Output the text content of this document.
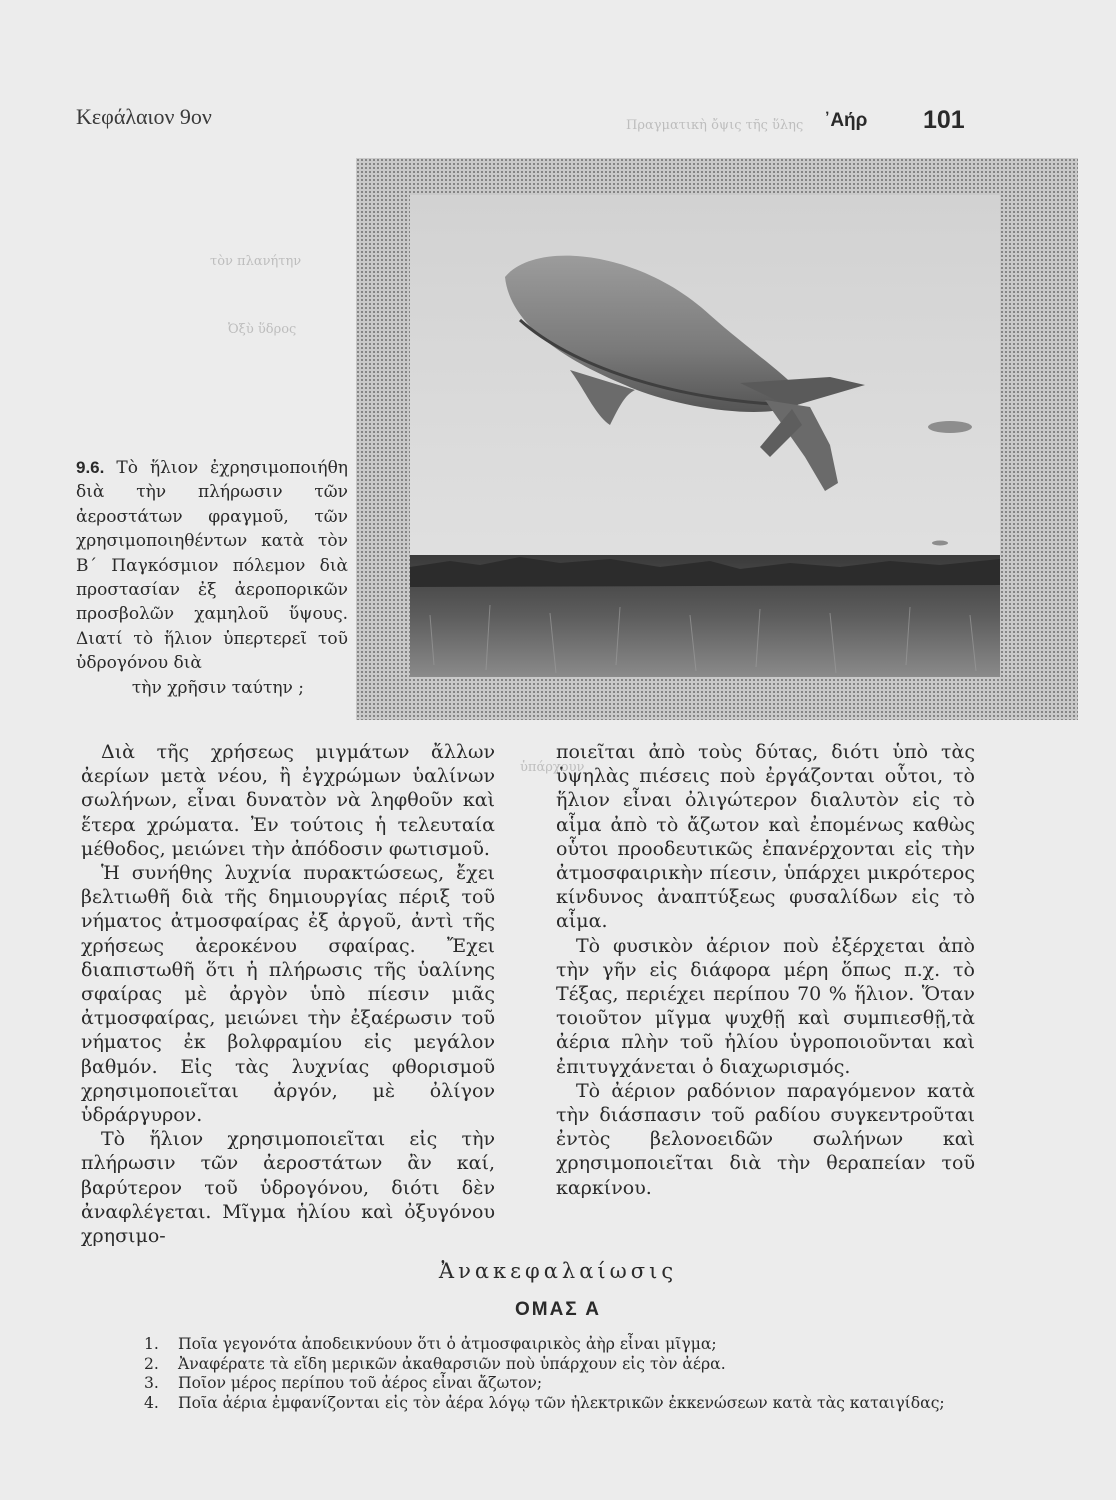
Κεφάλαιον 9ον	᾿Αήρ 101
Πραγματικὴ ὄψις τῆς ὕλης
τὸν πλανήτην
Ὀξὺ ὕδρος
ὑπάρχουν
9.6. Τὸ ἥλιον ἐχρησιμοποιήθη διὰ τὴν πλήρωσιν τῶν ἀεροστάτων φραγμοῦ, τῶν χρησιμοποιηθέντων κατὰ τὸν Β΄ Παγκόσμιον πόλεμον διὰ προστασίαν ἐξ ἀεροπορικῶν προσβολῶν χαμηλοῦ ὕψους. Διατί τὸ ἥλιον ὑπερτερεῖ τοῦ ὑδρογόνου διὰ
τὴν χρῆσιν ταύτην ;

Διὰ τῆς χρήσεως μιγμάτων ἄλλων ἀερίων μετὰ νέου, ἢ ἐγχρώμων ὑαλίνων σωλήνων, εἶναι δυνατὸν νὰ ληφθοῦν καὶ ἕτερα χρώματα. Ἐν τούτοις ἡ τελευταία μέθοδος, μειώνει τὴν ἀπόδοσιν φωτισμοῦ.

Ἡ συνήθης λυχνία πυρακτώσεως, ἔχει βελτιωθῆ διὰ τῆς δημιουργίας πέριξ τοῦ νήματος ἀτμοσφαίρας ἐξ ἀργοῦ, ἀντὶ τῆς χρήσεως ἀεροκένου σφαίρας. Ἔχει διαπιστωθῆ ὅτι ἡ πλήρωσις τῆς ὑαλίνης σφαίρας μὲ ἀργὸν ὑπὸ πίεσιν μιᾶς ἀτμοσφαίρας, μειώνει τὴν ἐξαέρωσιν τοῦ νήματος ἐκ βολφραμίου εἰς μεγάλον βαθμόν. Εἰς τὰς λυχνίας φθορισμοῦ χρησιμοποιεῖται ἀργόν, μὲ ὀλίγον ὑδράργυρον.

Τὸ ἥλιον χρησιμοποιεῖται εἰς τὴν πλήρωσιν τῶν ἀεροστάτων ἂν καί, βαρύτερον τοῦ ὑδρογόνου, διότι δὲν ἀναφλέγεται. Μῖγμα ἡλίου καὶ ὀξυγόνου χρησιμο-

ποιεῖται ἀπὸ τοὺς δύτας, διότι ὑπὸ τὰς ὑψηλὰς πιέσεις ποὺ ἐργάζονται οὗτοι, τὸ ἥλιον εἶναι ὀλιγώτερον διαλυτὸν εἰς τὸ αἷμα ἀπὸ τὸ ἄζωτον καὶ ἐπομένως καθὼς οὗτοι προοδευτικῶς ἐπανέρχονται εἰς τὴν ἀτμοσφαιρικὴν πίεσιν, ὑπάρχει μικρότερος κίνδυνος ἀναπτύξεως φυσαλίδων εἰς τὸ αἷμα.

Τὸ φυσικὸν ἀέριον ποὺ ἐξέρχεται ἀπὸ τὴν γῆν εἰς διάφορα μέρη ὅπως π.χ. τὸ Τέξας, περιέχει περίπου 70 % ἥλιον. Ὅταν τοιοῦτον μῖγμα ψυχθῇ καὶ συμπιεσθῇ,τὰ ἀέρια πλὴν τοῦ ἡλίου ὑγροποιοῦνται καὶ ἐπιτυγχάνεται ὁ διαχωρισμός.

Τὸ ἀέριον ραδόνιον παραγόμενον κατὰ τὴν διάσπασιν τοῦ ραδίου συγκεντροῦται ἐντὸς βελονοειδῶν σωλήνων καὶ χρησιμοποιεῖται διὰ τὴν θεραπείαν τοῦ καρκίνου.

Ἀνακεφαλαίωσις
ΟΜΑΣ Α
1.	Ποῖα γεγονότα ἀποδεικνύουν ὅτι ὁ ἀτμοσφαιρικὸς ἀὴρ εἶναι μῖγμα;
2.	Ἀναφέρατε τὰ εἴδη μερικῶν ἀκαθαρσιῶν ποὺ ὑπάρχουν εἰς τὸν ἀέρα.
3.	Ποῖον μέρος περίπου τοῦ ἀέρος εἶναι ἄζωτον;
4.	Ποῖα ἀέρια ἐμφανίζονται εἰς τὸν ἀέρα λόγῳ τῶν ἠλεκτρικῶν ἐκκενώσεων κατὰ τὰς καταιγίδας;
